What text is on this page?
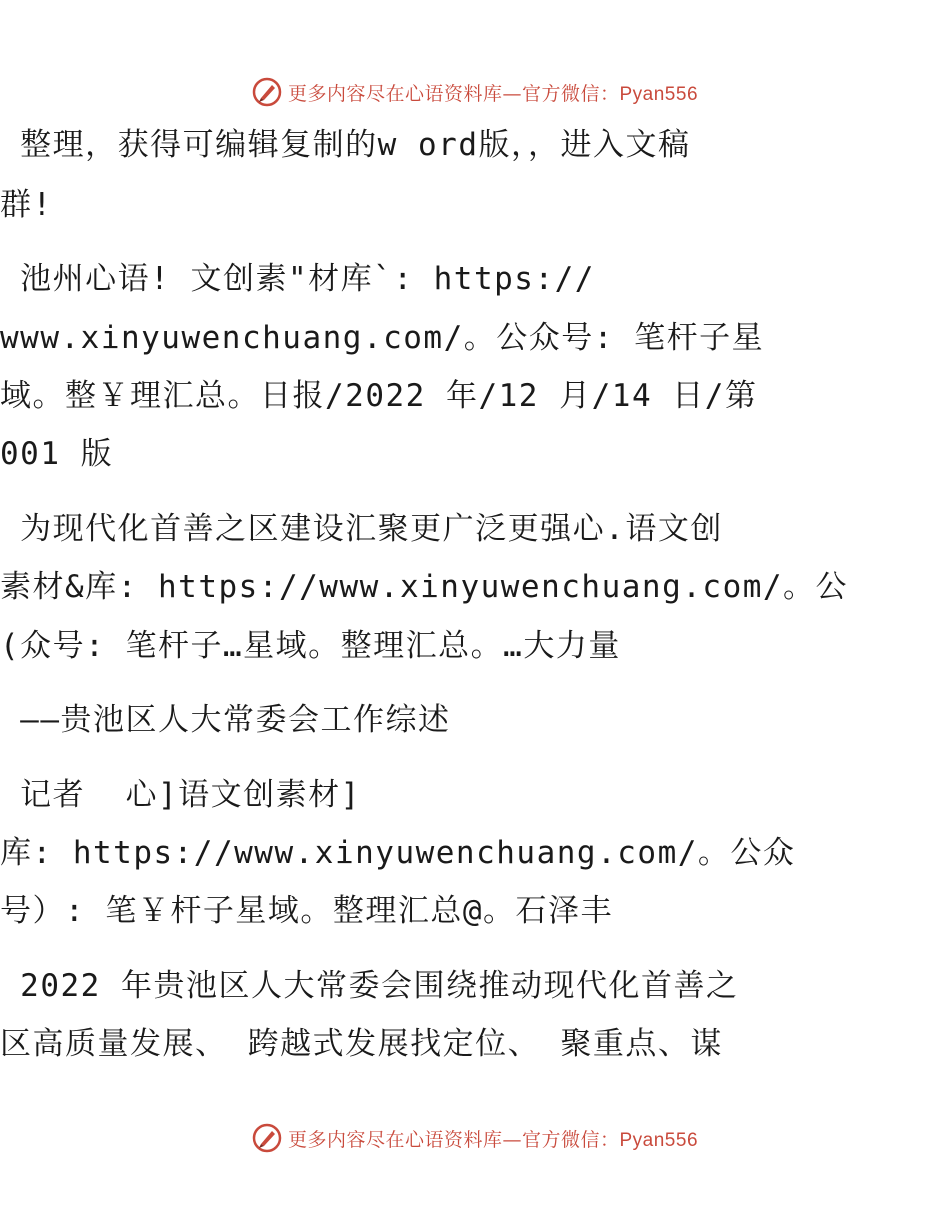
更多内容尽在心语资料库—官方微信：Pyan556
整理，获得可编辑复制的w ord版，，进入文稿
群!
池州心语! 文创素"材库`: https://
www.xinyuwenchuang.com/。公众号: 笔杆子星
域。整￥理汇总。日报/2022 年/12 月/14 日/第
001 版
为现代化首善之区建设汇聚更广泛更强心.语文创
素材&库: https://www.xinyuwenchuang.com/。公
(众号: 笔杆子…星域。整理汇总。…大力量
——贵池区人大常委会工作综述
记者  心]语文创素材]
库: https://www.xinyuwenchuang.com/。公众
号）: 笔￥杆子星域。整理汇总@。石泽丰
2022 年贵池区人大常委会围绕推动现代化首善之
区高质量发展、 跨越式发展找定位、 聚重点、谋
更多内容尽在心语资料库—官方微信：Pyan556
